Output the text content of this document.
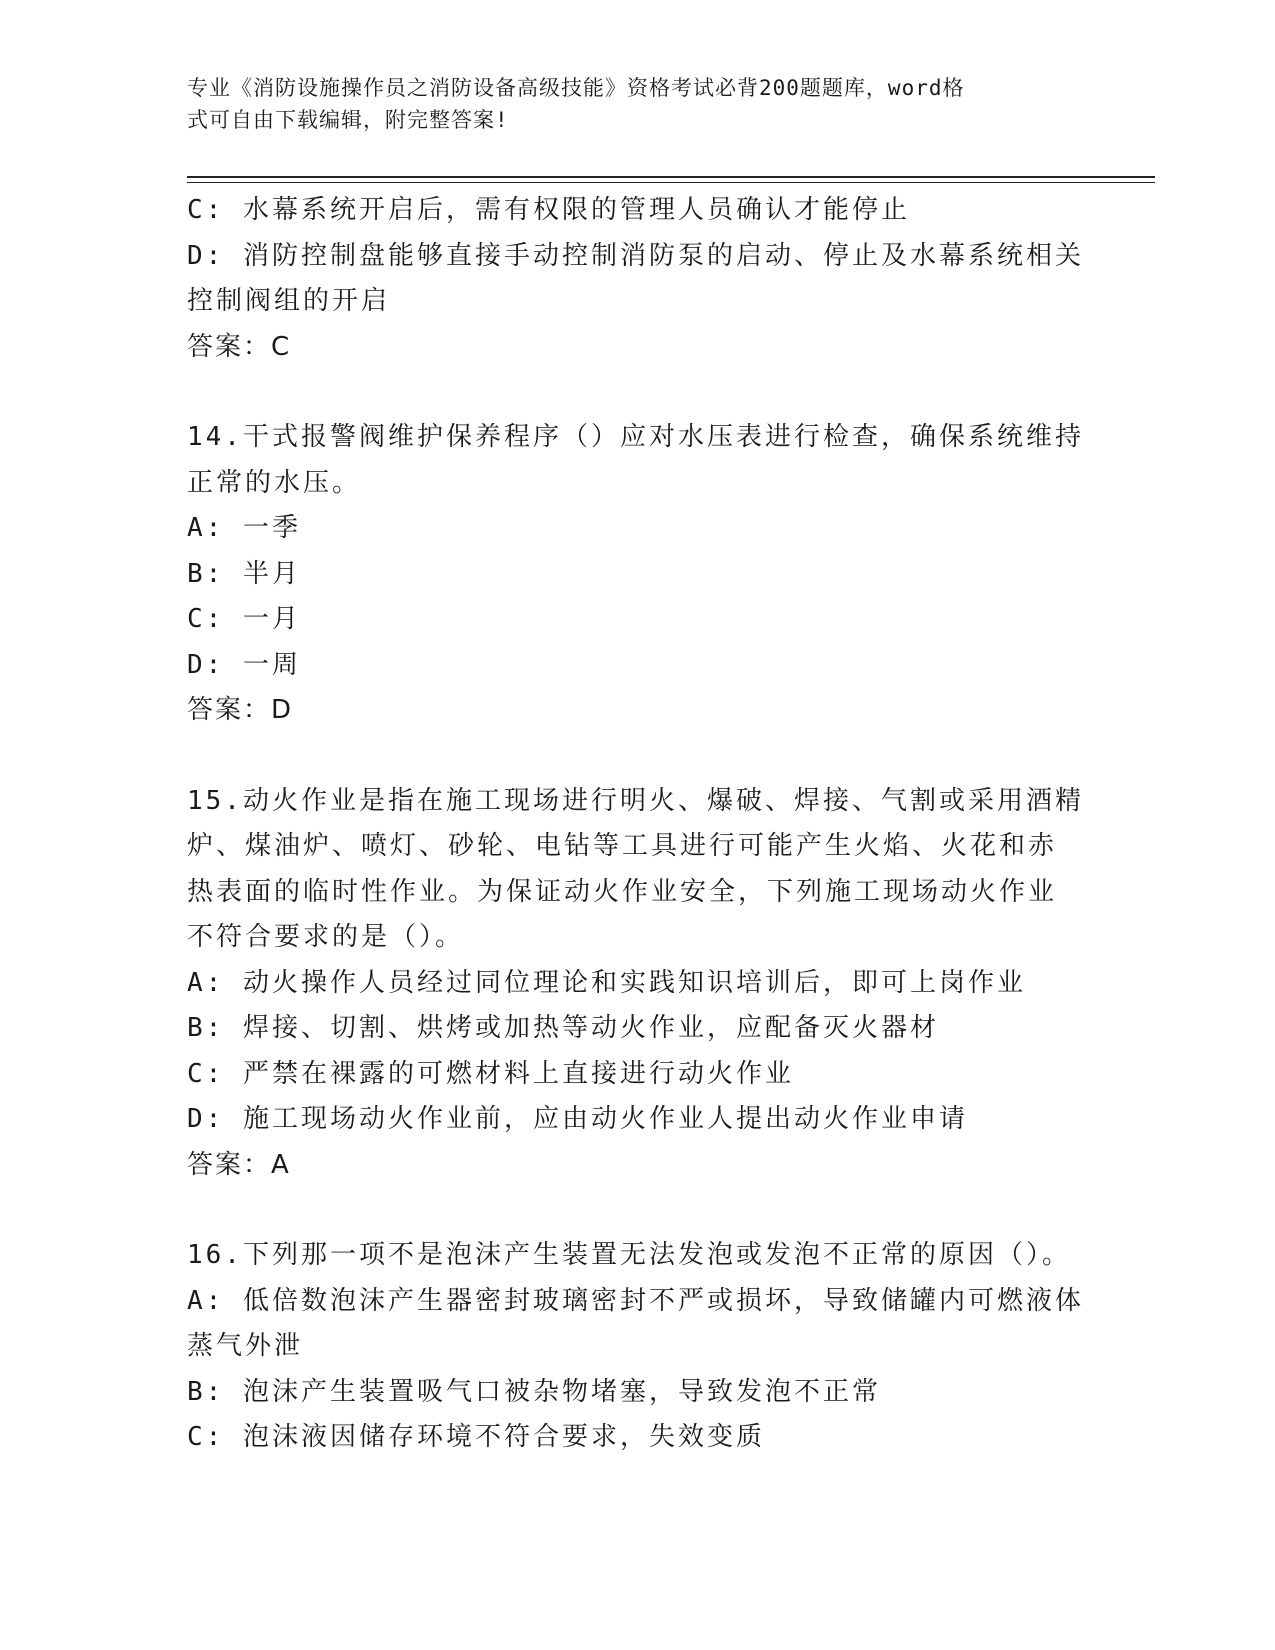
专业《消防设施操作员之消防设备高级技能》资格考试必背200题题库，word格

式可自由下载编辑，附完整答案!

C: 水幕系统开启后，需有权限的管理人员确认才能停止

D: 消防控制盘能够直接手动控制消防泵的启动、停止及水幕系统相关

控制阀组的开启

答案：C

14.干式报警阀维护保养程序（）应对水压表进行检查，确保系统维持

正常的水压。

A: 一季

B: 半月

C: 一月

D: 一周

答案：D

15.动火作业是指在施工现场进行明火、爆破、焊接、气割或采用酒精

炉、煤油炉、喷灯、砂轮、电钻等工具进行可能产生火焰、火花和赤

热表面的临时性作业。为保证动火作业安全，下列施工现场动火作业

不符合要求的是（）。

A: 动火操作人员经过同位理论和实践知识培训后，即可上岗作业

B: 焊接、切割、烘烤或加热等动火作业，应配备灭火器材

C: 严禁在裸露的可燃材料上直接进行动火作业

D: 施工现场动火作业前，应由动火作业人提出动火作业申请

答案：A

16.下列那一项不是泡沫产生装置无法发泡或发泡不正常的原因（）。

A: 低倍数泡沫产生器密封玻璃密封不严或损坏，导致储罐内可燃液体

蒸气外泄

B: 泡沫产生装置吸气口被杂物堵塞，导致发泡不正常

C: 泡沫液因储存环境不符合要求，失效变质
